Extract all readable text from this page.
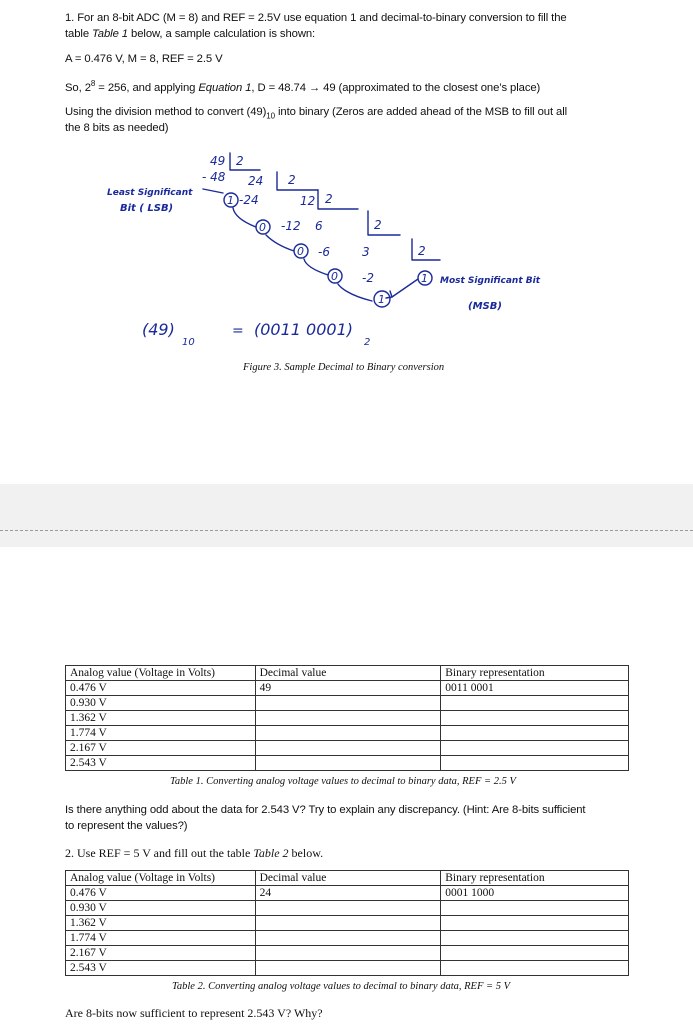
1. For an 8-bit ADC (M = 8) and REF = 2.5V use equation 1 and decimal-to-binary conversion to fill the

table Table 1 below, a sample calculation is shown:

A = 0.476 V, M = 8, REF = 2.5 V

So, $2^8 = 256$, and applying Equation 1, D = 48.74 → 49 (approximated to the closest one’s place)

Using the division method to convert $(49)_{10}$ into binary (Zeros are added ahead of the MSB to fill out all

the 8 bits as needed)

49 2
- 48 24 2
-24
1	12 2
-12
0	6	2
-6
0	3	2
-2
0	1
1
Least Significant
Bit ( LSB)
Most Significant Bit
(MSB)
(49)
10
= (0011 0001)
2
Figure 3. Sample Decimal to Binary conversion
Analog value (Voltage in Volts)	Decimal value	Binary representation
0.476 V	49	0011 0001
0.930 V		
1.362 V		
1.774 V		
2.167 V		
2.543 V		
Table 1. Converting analog voltage values to decimal to binary data, REF = 2.5 V

Is there anything odd about the data for 2.543 V? Try to explain any discrepancy. (Hint: Are 8-bits sufficient

to represent the values?)

2. Use REF = 5 V and fill out the table Table 2 below.

Analog value (Voltage in Volts)	Decimal value	Binary representation
0.476 V	24	0001 1000
0.930 V		
1.362 V		
1.774 V		
2.167 V		
2.543 V		
Table 2. Converting analog voltage values to decimal to binary data, REF = 5 V

Are 8-bits now sufficient to represent 2.543 V? Why?
